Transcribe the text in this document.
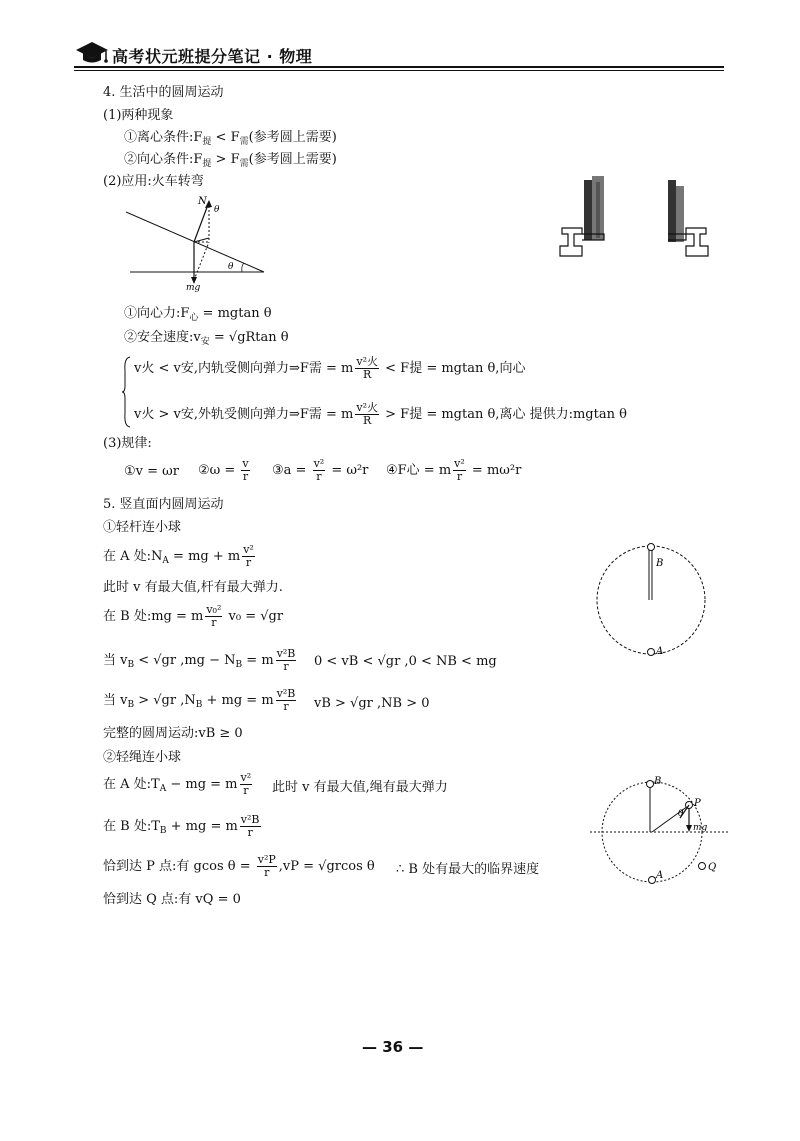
高考状元班提分笔记 · 物理
4. 生活中的圆周运动
(1)两种现象
①离心条件$:F_提 < F_需$(参考圆上需要)
②向心条件$:F_提 > F_需$(参考圆上需要)
(2)应用:火车转弯
N
θ
θ
mg
①向心力$:F_心 = mgtan$ θ
②安全速度$:v_安 = √gRtan$ θ
v火 < v安,内轨受侧向弹力⇒F需 = m $\frac{\text{v²火}}{R} < F$提 = mgtan θ,向心
v火 > v安,外轨受侧向弹力⇒F需 = m $\frac{\text{v²火}}{R} > F$提 = mgtan θ,离心 提供力:mgtan θ
(3)规律:
①v = ωr ②ω = $\frac{v}{r}$ ③a = $\frac{\text{v²}}{r} = \omega^2r$ ④F心 = m $\frac{\text{v²}}{r} = m\omega^2r$
5. 竖直面内圆周运动
①轻杆连小球
在 A 处$:N_A$ = mg + m $\frac{\text{v²}}{r}$
此时 v 有最大值,杆有最大弹力.
在 B 处:mg = m $\frac{\text{v₀²}}{r} v_0 = √gr$
当 $v_B < √gr$ $,mg - N_B = m \frac{\text{v²B}}{r} 0$ < vB < √gr ,0 < NB < mg
当 $v_B > √gr$ $,N_B$ + mg = m $\frac{\text{v²B}}{r}$ vB > √gr ,NB > 0
完整的圆周运动:vB ≥ 0
B
A
②轻绳连小球
在 A 处$:T_A$ − mg = m $\frac{\text{v²}}{r}$ 此时 v 有最大值,绳有最大弹力
在 B 处$:T_B$ + mg = m $\frac{\text{v²B}}{r}$
恰到达 P 点:有 gcos $\theta = \frac{\text{v²P}}{r} ,vP = √grcos$ θ ∴ B 处有最大的临界速度
恰到达 Q 点:有 vQ = 0
B
P
θ
mg
A
Q
— 36 —
